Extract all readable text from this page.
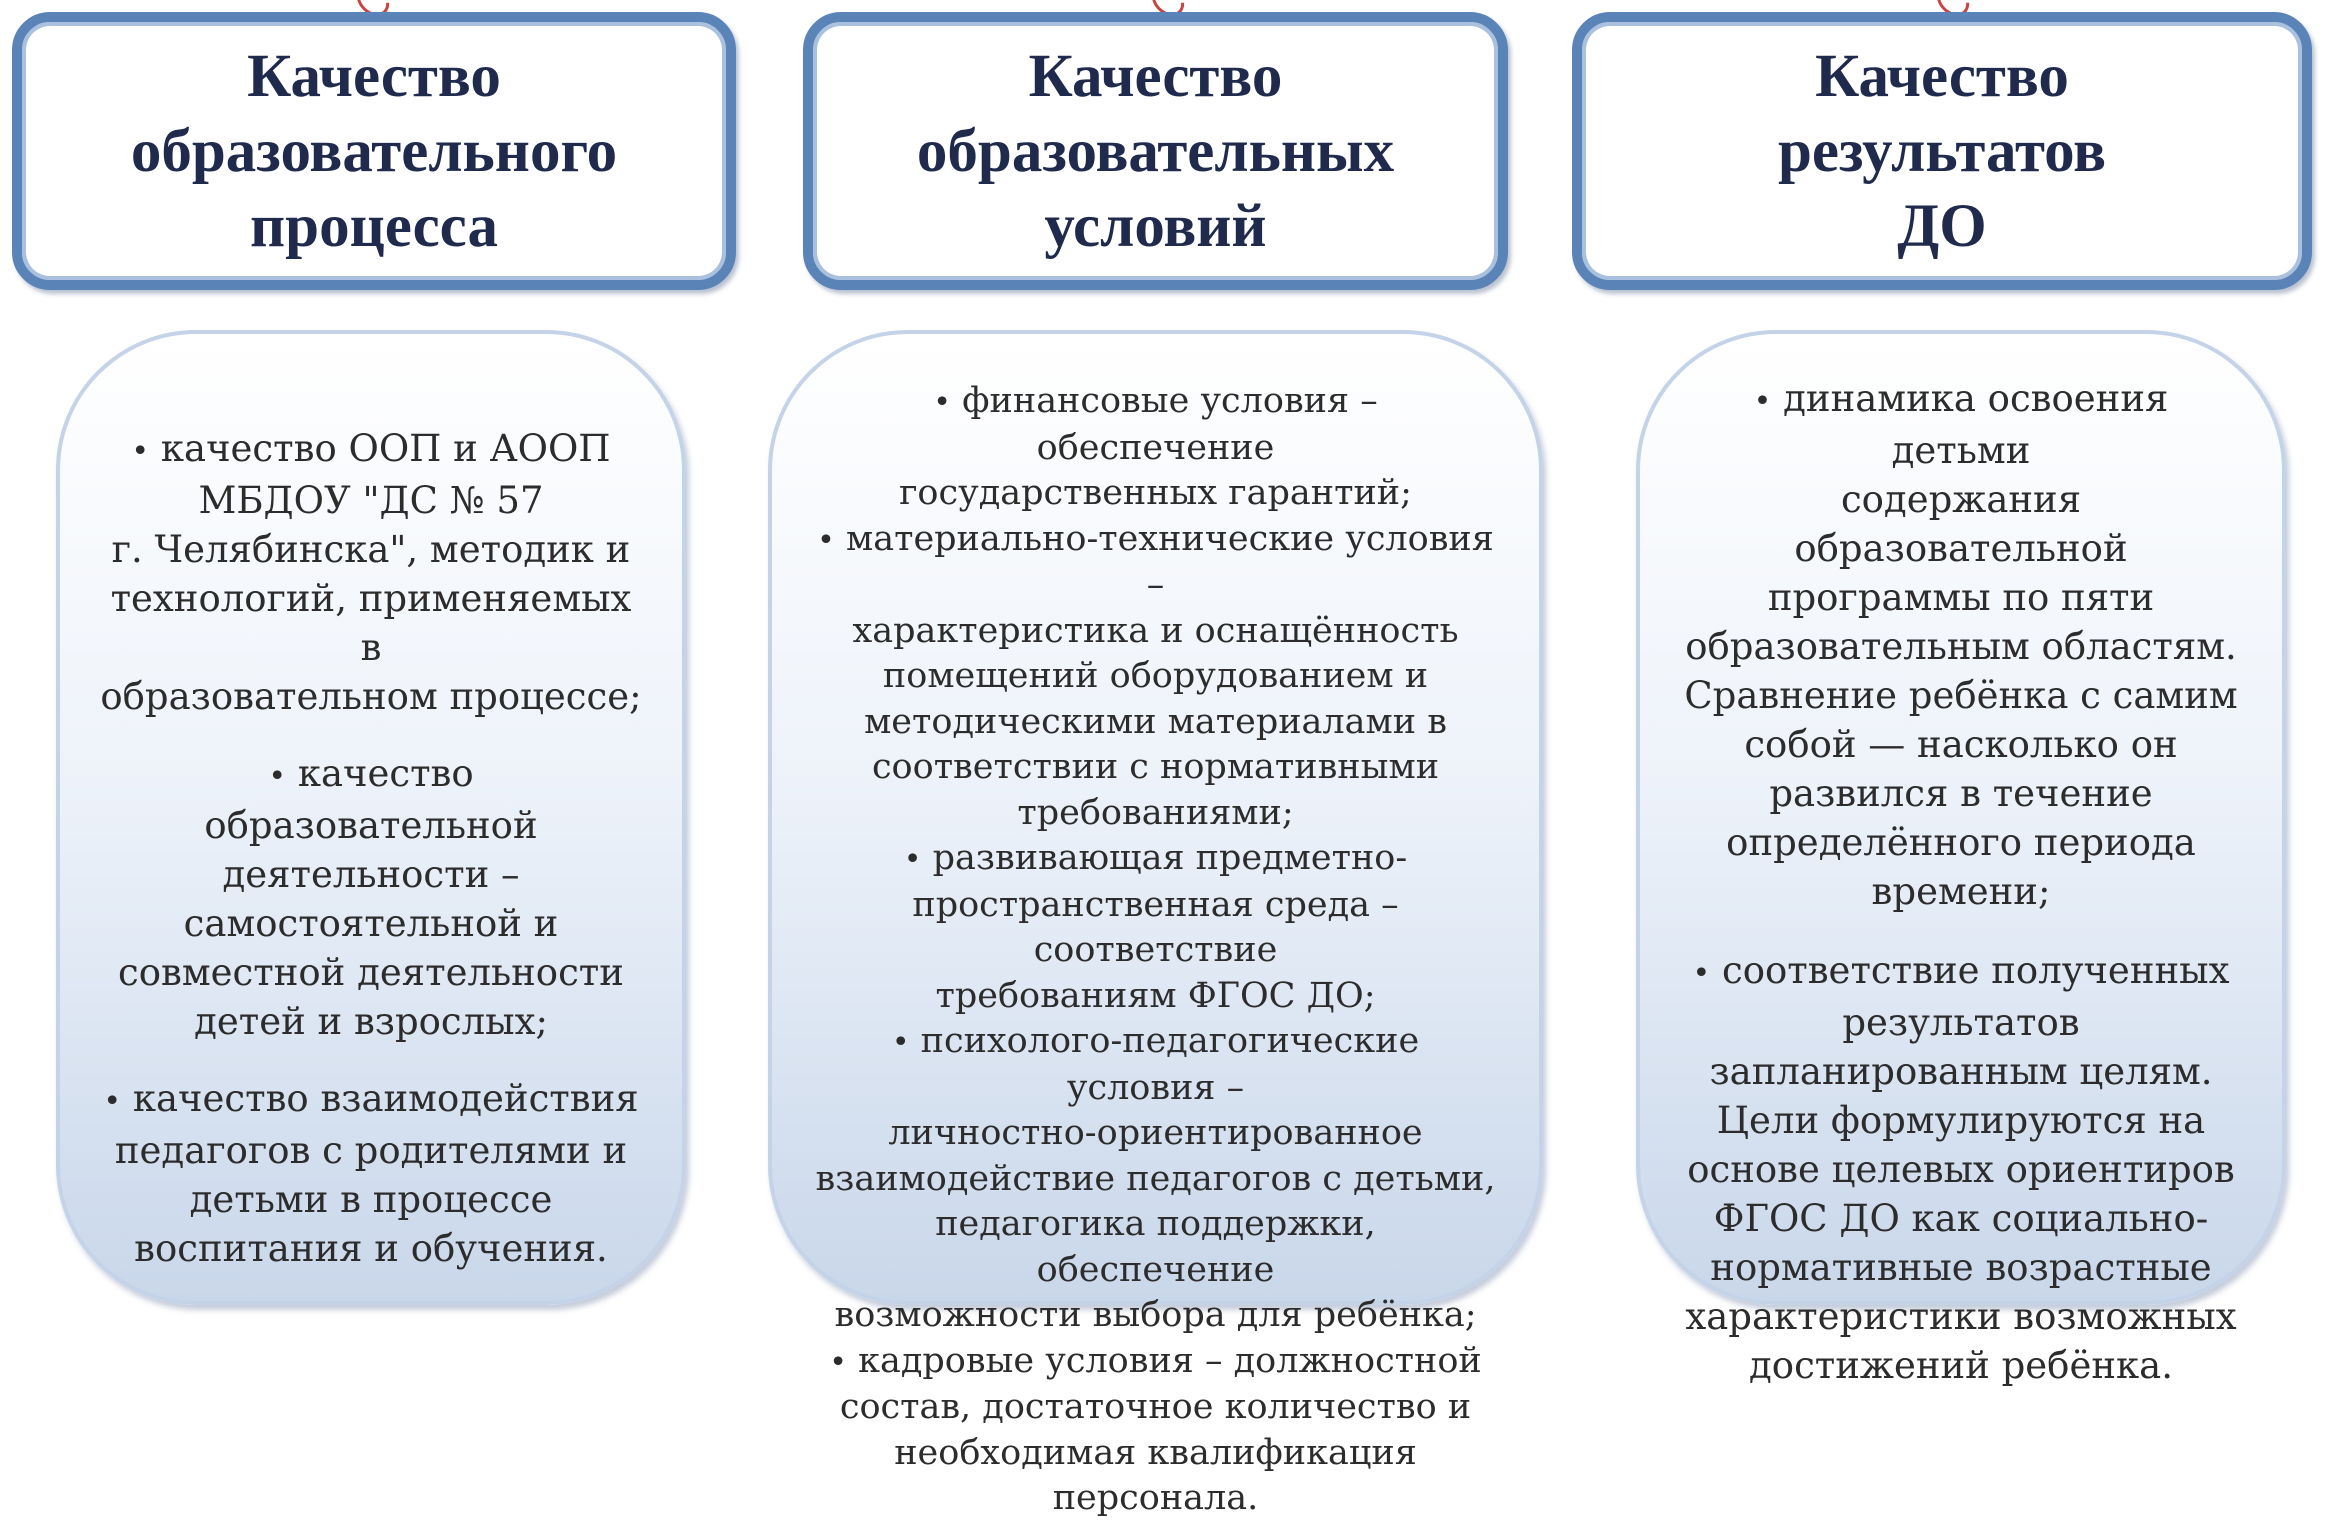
Качество
образовательного
процесса
• качество ООП и АООП
МБДОУ "ДС № 57
г. Челябинска", методик и
технологий, применяемых в
образовательном процессе;
• качество образовательной
деятельности –
самостоятельной и
совместной деятельности
детей и взрослых;
• качество взаимодействия
педагогов с родителями и
детьми в процессе
воспитания и обучения.
Качество
образовательных
условий
• финансовые условия – обеспечение
государственных гарантий;
• материально-технические условия –
характеристика и оснащённость
помещений оборудованием и
методическими материалами в
соответствии с нормативными
требованиями;
• развивающая предметно-
пространственная среда – соответствие
требованиям ФГОС ДО;
• психолого-педагогические условия –
личностно-ориентированное
взаимодействие педагогов с детьми,
педагогика поддержки, обеспечение
возможности выбора для ребёнка;
• кадровые условия – должностной
состав, достаточное количество и
необходимая квалификация персонала.
Качество
результатов
ДО
• динамика освоения детьми
содержания образовательной
программы по пяти
образовательным областям.
Сравнение ребёнка с самим
собой — насколько он
развился в течение
определённого периода
времени;
• соответствие полученных
результатов
запланированным целям.
Цели формулируются на
основе целевых ориентиров
ФГОС ДО как социально-
нормативные возрастные
характеристики возможных
достижений ребёнка.
